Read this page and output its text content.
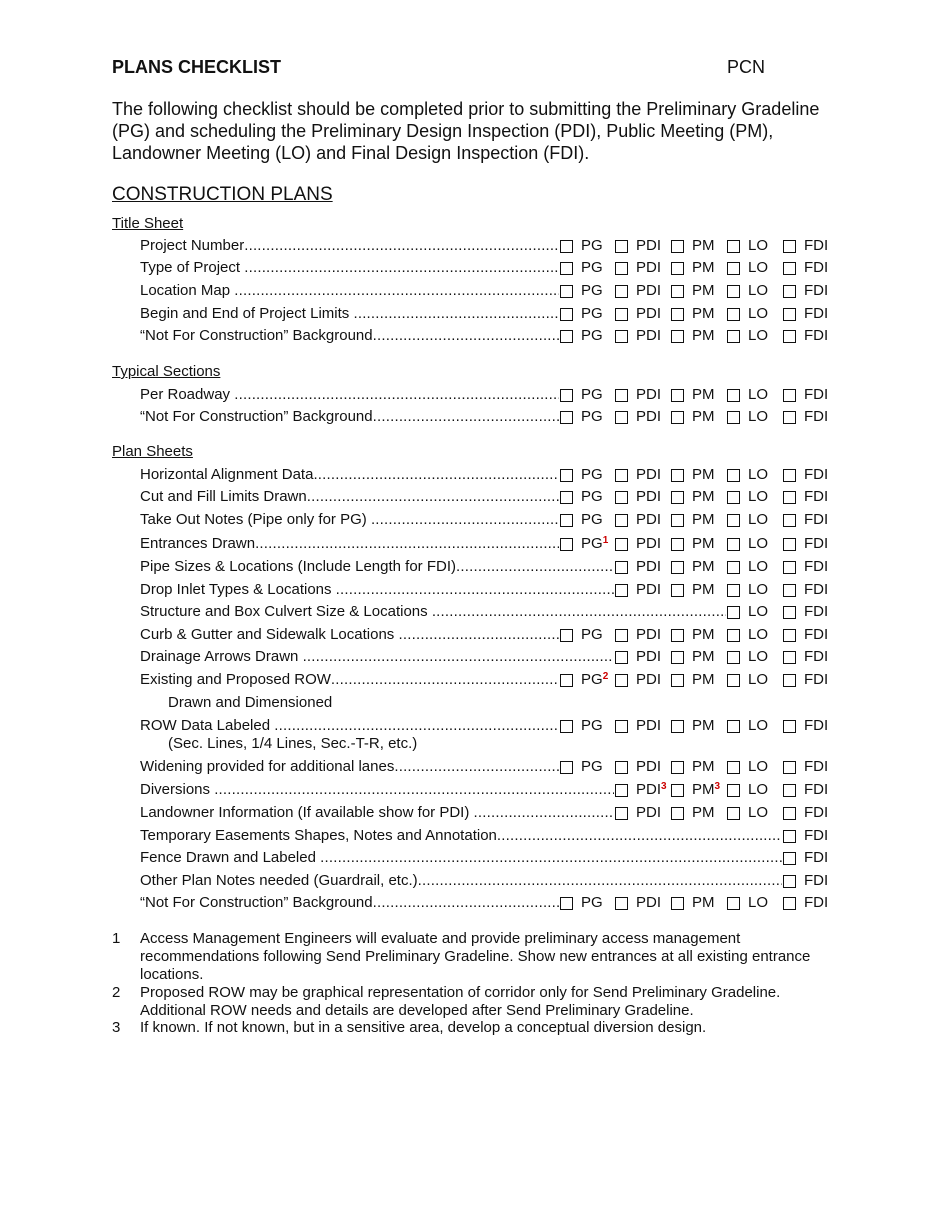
PLANS CHECKLIST	PCN
The following checklist should be completed prior to submitting the Preliminary Gradeline (PG) and scheduling the Preliminary Design Inspection (PDI), Public Meeting (PM), Landowner Meeting (LO) and Final Design Inspection (FDI).
CONSTRUCTION PLANS
Title Sheet
Typical Sections
Plan Sheets
Project Number .....	PG PDI PM LO FDI
Type of Project .....	PG PDI PM LO FDI
Location Map .....	PG PDI PM LO FDI
Begin and End of Project Limits .....	PG PDI PM LO FDI
“Not For Construction” Background .....	PG PDI PM LO FDI
Per Roadway .....	PG PDI PM LO FDI
“Not For Construction” Background .....	PG PDI PM LO FDI
Horizontal Alignment Data .....	PG PDI PM LO FDI
Cut and Fill Limits Drawn .....	PG PDI PM LO FDI
Take Out Notes (Pipe only for PG) .....	PG PDI PM LO FDI
Entrances Drawn .....	PG$^1$ PDI PM LO FDI
Pipe Sizes & Locations (Include Length for FDI) .....	PDI PM LO FDI
Drop Inlet Types & Locations .....	PDI PM LO FDI
Structure and Box Culvert Size & Locations .....	LO FDI
Curb & Gutter and Sidewalk Locations .....	PG PDI PM LO FDI
Drainage Arrows Drawn .....	PDI PM LO FDI
Existing and Proposed ROW .....	PG$^2$ PDI PM LO FDI
Drawn and Dimensioned
ROW Data Labeled .....	PG PDI PM LO FDI
(Sec. Lines, 1/4 Lines, Sec.-T-R, etc.)
Widening provided for additional lanes .....	PG PDI PM LO FDI
Diversions .....	PDI$^3$ PM$^3$ LO FDI
Landowner Information (If available show for PDI) .....	PDI PM LO FDI
Temporary Easements Shapes, Notes and Annotation .....	FDI
Fence Drawn and Labeled .....	FDI
Other Plan Notes needed (Guardrail, etc.) .....	FDI
“Not For Construction” Background .....	PG PDI PM LO FDI
1 Access Management Engineers will evaluate and provide preliminary access management recommendations following Send Preliminary Gradeline. Show new entrances at all existing entrance locations.
2 Proposed ROW may be graphical representation of corridor only for Send Preliminary Gradeline. Additional ROW needs and details are developed after Send Preliminary Gradeline.
3 If known. If not known, but in a sensitive area, develop a conceptual diversion design.
